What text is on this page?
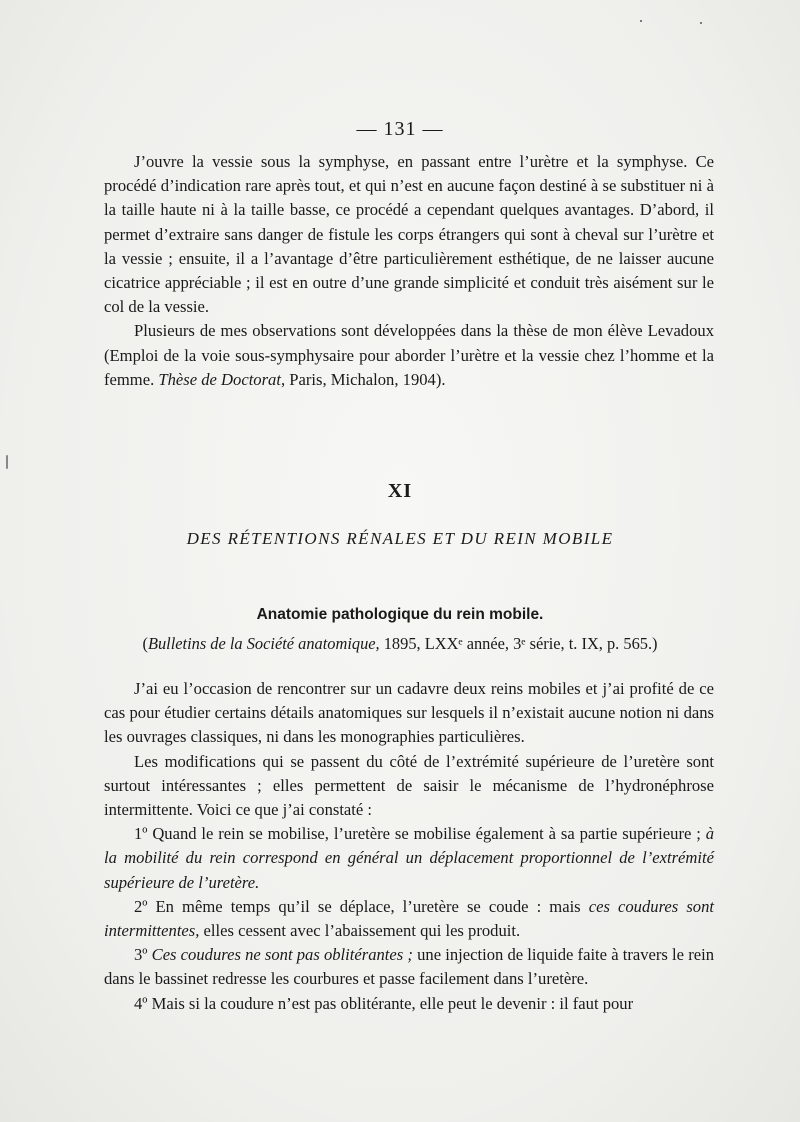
— 131 —

J’ouvre la vessie sous la symphyse, en passant entre l’urètre et la symphyse. Ce procédé d’indication rare après tout, et qui n’est en aucune façon destiné à se substituer ni à la taille haute ni à la taille basse, ce procédé a cependant quelques avantages. D’abord, il permet d’extraire sans danger de fistule les corps étrangers qui sont à cheval sur l’urètre et la vessie ; ensuite, il a l’avantage d’être particulièrement esthétique, de ne laisser aucune cicatrice appréciable ; il est en outre d’une grande simplicité et conduit très aisément sur le col de la vessie.

Plusieurs de mes observations sont développées dans la thèse de mon élève Levadoux (Emploi de la voie sous-symphysaire pour aborder l’urètre et la vessie chez l’homme et la femme. Thèse de Doctorat, Paris, Michalon, 1904).

XI
DES RÉTENTIONS RÉNALES ET DU REIN MOBILE
Anatomie pathologique du rein mobile.
(Bulletins de la Société anatomique, 1895, LXXᵉ année, 3ᵉ série, t. IX, p. 565.)

J’ai eu l’occasion de rencontrer sur un cadavre deux reins mobiles et j’ai profité de ce cas pour étudier certains détails anatomiques sur lesquels il n’existait aucune notion ni dans les ouvrages classiques, ni dans les monographies particulières.

Les modifications qui se passent du côté de l’extrémité supérieure de l’uretère sont surtout intéressantes ; elles permettent de saisir le mécanisme de l’hydronéphrose intermittente. Voici ce que j’ai constaté :

1º Quand le rein se mobilise, l’uretère se mobilise également à sa partie supérieure ; à la mobilité du rein correspond en général un déplacement proportionnel de l’extrémité supérieure de l’uretère.

2º En même temps qu’il se déplace, l’uretère se coude : mais ces coudures sont intermittentes, elles cessent avec l’abaissement qui les produit.

3º Ces coudures ne sont pas oblitérantes ; une injection de liquide faite à travers le rein dans le bassinet redresse les courbures et passe facilement dans l’uretère.

4º Mais si la coudure n’est pas oblitérante, elle peut le devenir : il faut pour
